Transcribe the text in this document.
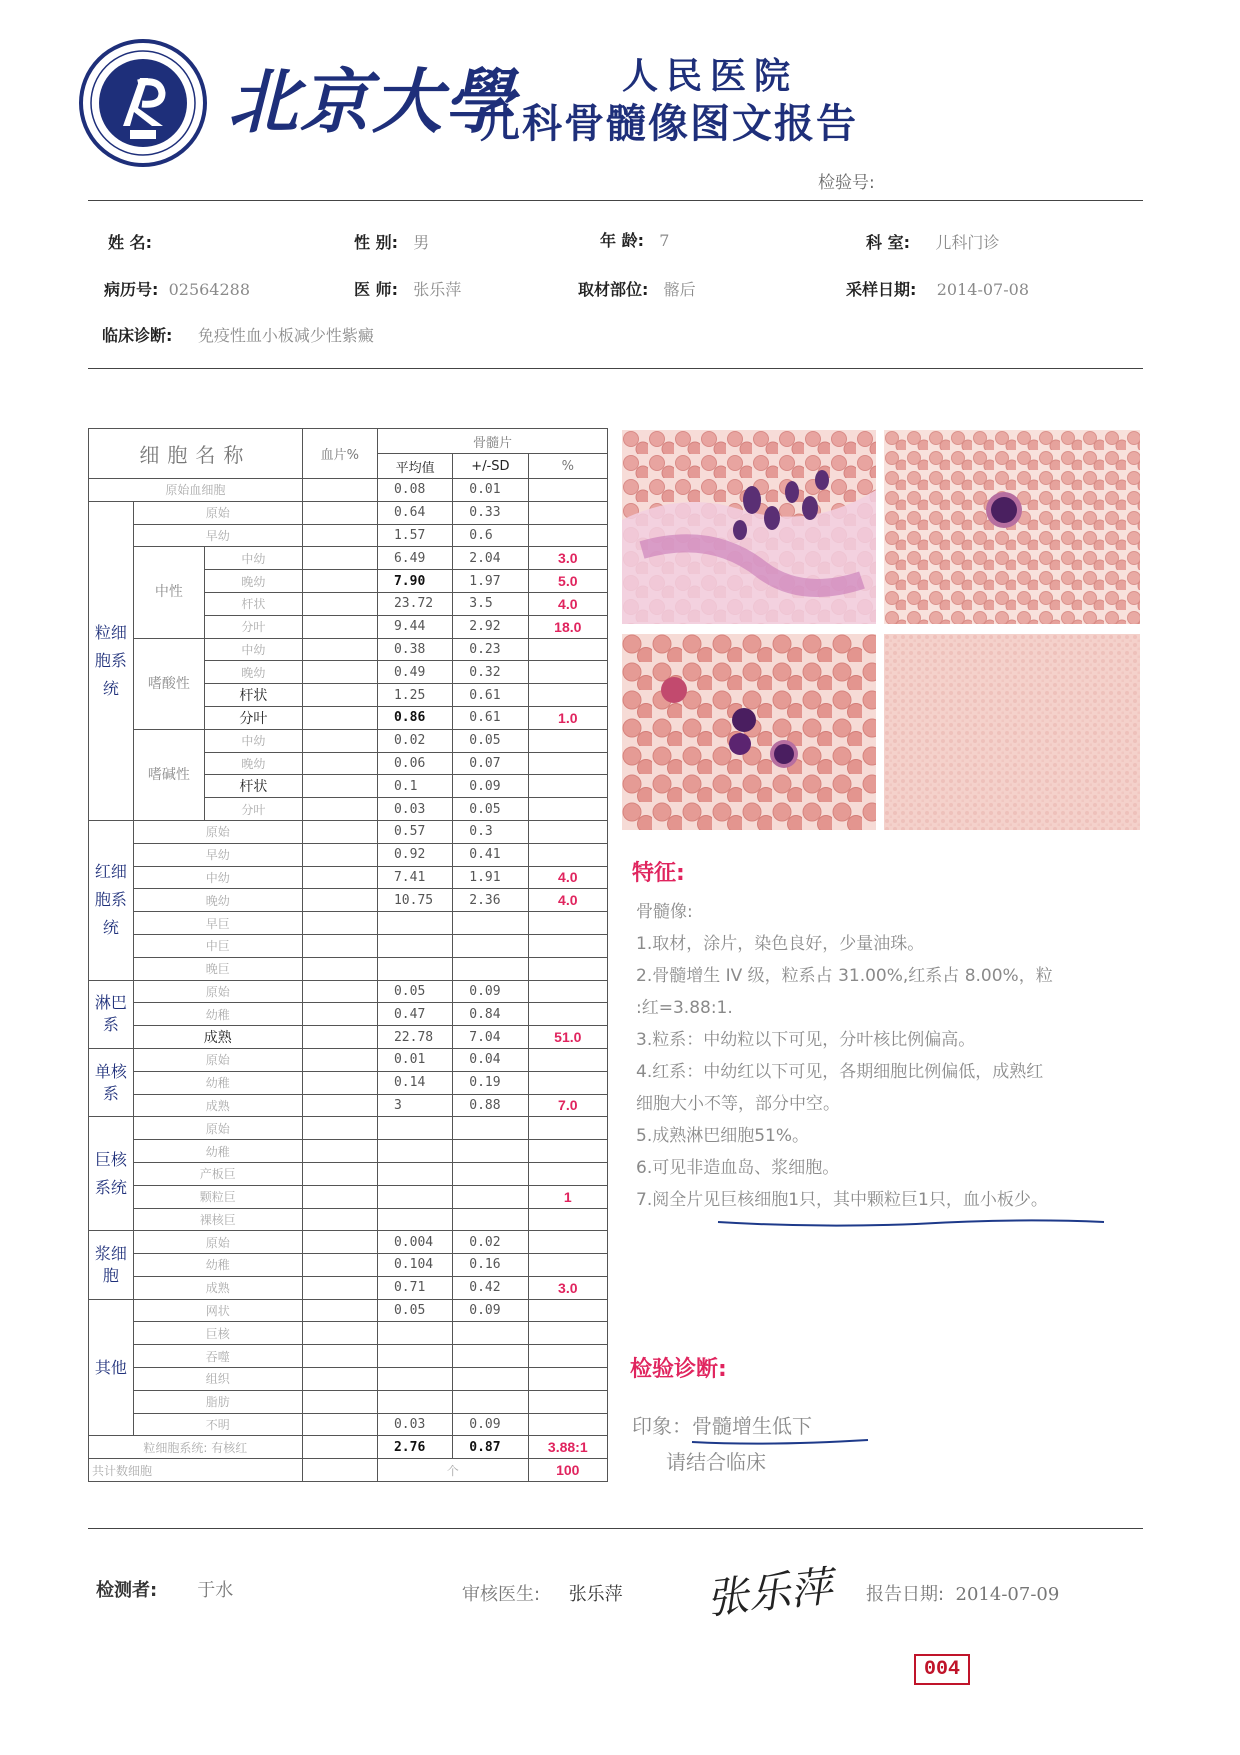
北京大學	人民医院
儿科骨髓像图文报告
检验号:
姓 名:	性 别: 男	年 龄: 7	科 室: 儿科门诊
病历号: 02564288	医 师: 张乐萍	取材部位: 髂后	采样日期: 2014-07-08
临床诊断: 免疫性血小板减少性紫癜
细胞名称			血片%	骨髓片		
				平均值	+/-SD	%
原始血细胞				0.08	0.01	
粒细胞系统	原始			0.64	0.33	
	早幼			1.57	0.6	
	中性	中幼		6.49	2.04	3.0
		晚幼		7.90	1.97	5.0
		杆状		23.72	3.5	4.0
		分叶		9.44	2.92	18.0
	嗜酸性	中幼		0.38	0.23	
		晚幼		0.49	0.32	
		杆状		1.25	0.61	
		分叶		0.86	0.61	1.0
	嗜碱性	中幼		0.02	0.05	
		晚幼		0.06	0.07	
		杆状		0.1	0.09	
		分叶		0.03	0.05	
红细胞系统	原始			0.57	0.3	
	早幼			0.92	0.41	
	中幼			7.41	1.91	4.0
	晚幼			10.75	2.36	4.0
	早巨					
	中巨					
	晚巨					
淋巴系	原始			0.05	0.09	
	幼稚			0.47	0.84	
	成熟			22.78	7.04	51.0
单核系	原始			0.01	0.04	
	幼稚			0.14	0.19	
	成熟			3	0.88	7.0
巨核系统	原始					
	幼稚					
	产板巨					
	颗粒巨					1
	裸核巨					
浆细胞	原始			0.004	0.02	
	幼稚			0.104	0.16	
	成熟			0.71	0.42	3.0
其他	网状			0.05	0.09	
	巨核					
	吞噬					
	组织					
	脂肪					
	不明			0.03	0.09	
粒细胞系统: 有核红				2.76	0.87	3.88:1
共计数细胞				个		100
特征:

骨髓像:

1.取材，涂片，染色良好，少量油珠。

2.骨髓增生 IV 级，粒系占 31.00%,红系占 8.00%，粒

:红=3.88:1.

3.粒系：中幼粒以下可见，分叶核比例偏高。

4.红系：中幼红以下可见，各期细胞比例偏低，成熟红

细胞大小不等，部分中空。

5.成熟淋巴细胞51%。

6.可见非造血岛、浆细胞。

7.阅全片见巨核细胞1只，其中颗粒巨1只，血小板少。

检验诊断:
印象：骨髓增生低下
请结合临床
检测者: 于水	审核医生: 张乐萍 张乐萍 报告日期: 2014-07-09
004
